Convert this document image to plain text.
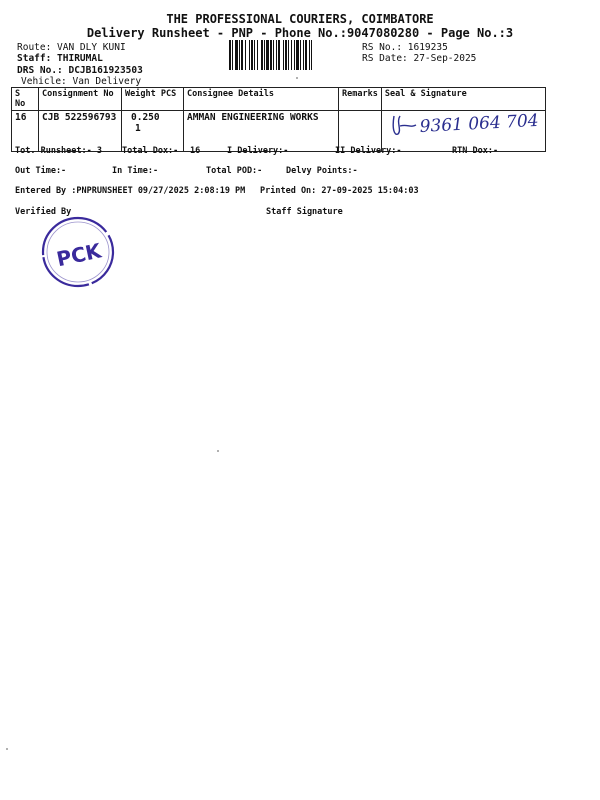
THE PROFESSIONAL COURIERS, COIMBATORE
Delivery Runsheet - PNP - Phone No.:9047080280 - Page No.:3
Route: VAN DLY KUNI
Staff: THIRUMAL
DRS No.: DCJB161923503
Vehicle: Van Delivery
RS No.: 1619235
RS Date: 27-Sep-2025
S No	Consignment No	Weight PCS	Consignee Details	Remarks	Seal & Signature
16	CJB 522596793	0.250 1	AMMAN ENGINEERING WORKS			9361 064 704
Tot. Runsheet:- 3 Total Dox:- 16	I Delivery:-	II Delivery:-	RTN Dox:-
Out Time:-	In Time:-	Total POD:-	Delvy Points:-
Entered By :PNPRUNSHEET 09/27/2025 2:08:19 PM Printed On: 27-09-2025 15:04:03
Verified By	Staff Signature
PCK
